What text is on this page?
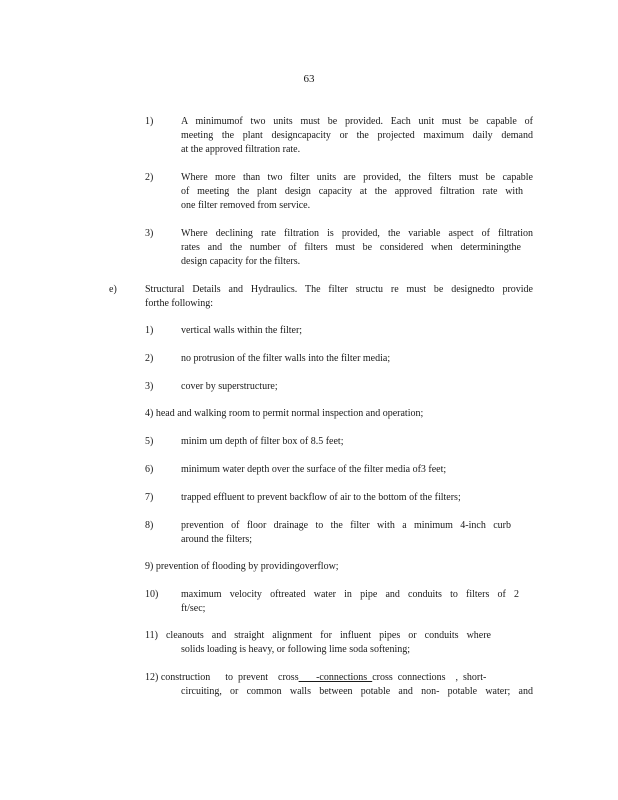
63
1)	A minimumof two units must be provided. Each unit must be capable of
meeting the plant designcapacity or the projected maximum daily demand
at the approved filtration rate.
2)	Where more than two filter units are provided, the filters must be capable
of meeting the plant design capacity at the approved filtration rate with
one filter removed from service.
3)	Where declining rate filtration is provided, the variable aspect of filtration
rates and the number of filters must be considered when determiningthe
design capacity for the filters.
e)	Structural Details and Hydraulics. The filter structu re must be designedto provide
forthe following:
1)	vertical walls within the filter;
2)	no protrusion of the filter walls into the filter media;
3)	cover by superstructure;
4) head and walking room to permit normal inspection and operation;
5)	minim um depth of filter box of 8.5 feet;
6)	minimum water depth over the surface of the filter media of3 feet;
7)	trapped effluent to prevent backflow of air to the bottom of the filters;
8)	prevention of floor drainage to the filter with a minimum 4-inch curb
around the filters;
9) prevention of flooding by providingoverflow;
10) maximum velocity oftreated water in pipe and conduits to filters of 2
ft/sec;
11) cleanouts and straight alignment for influent pipes or conduits where
solids loading is heavy, or following lime soda softening;
12) construction      to  prevent    cross -connections cross  connections    ,  short-
circuiting, or common walls between potable and non- potable water; and
